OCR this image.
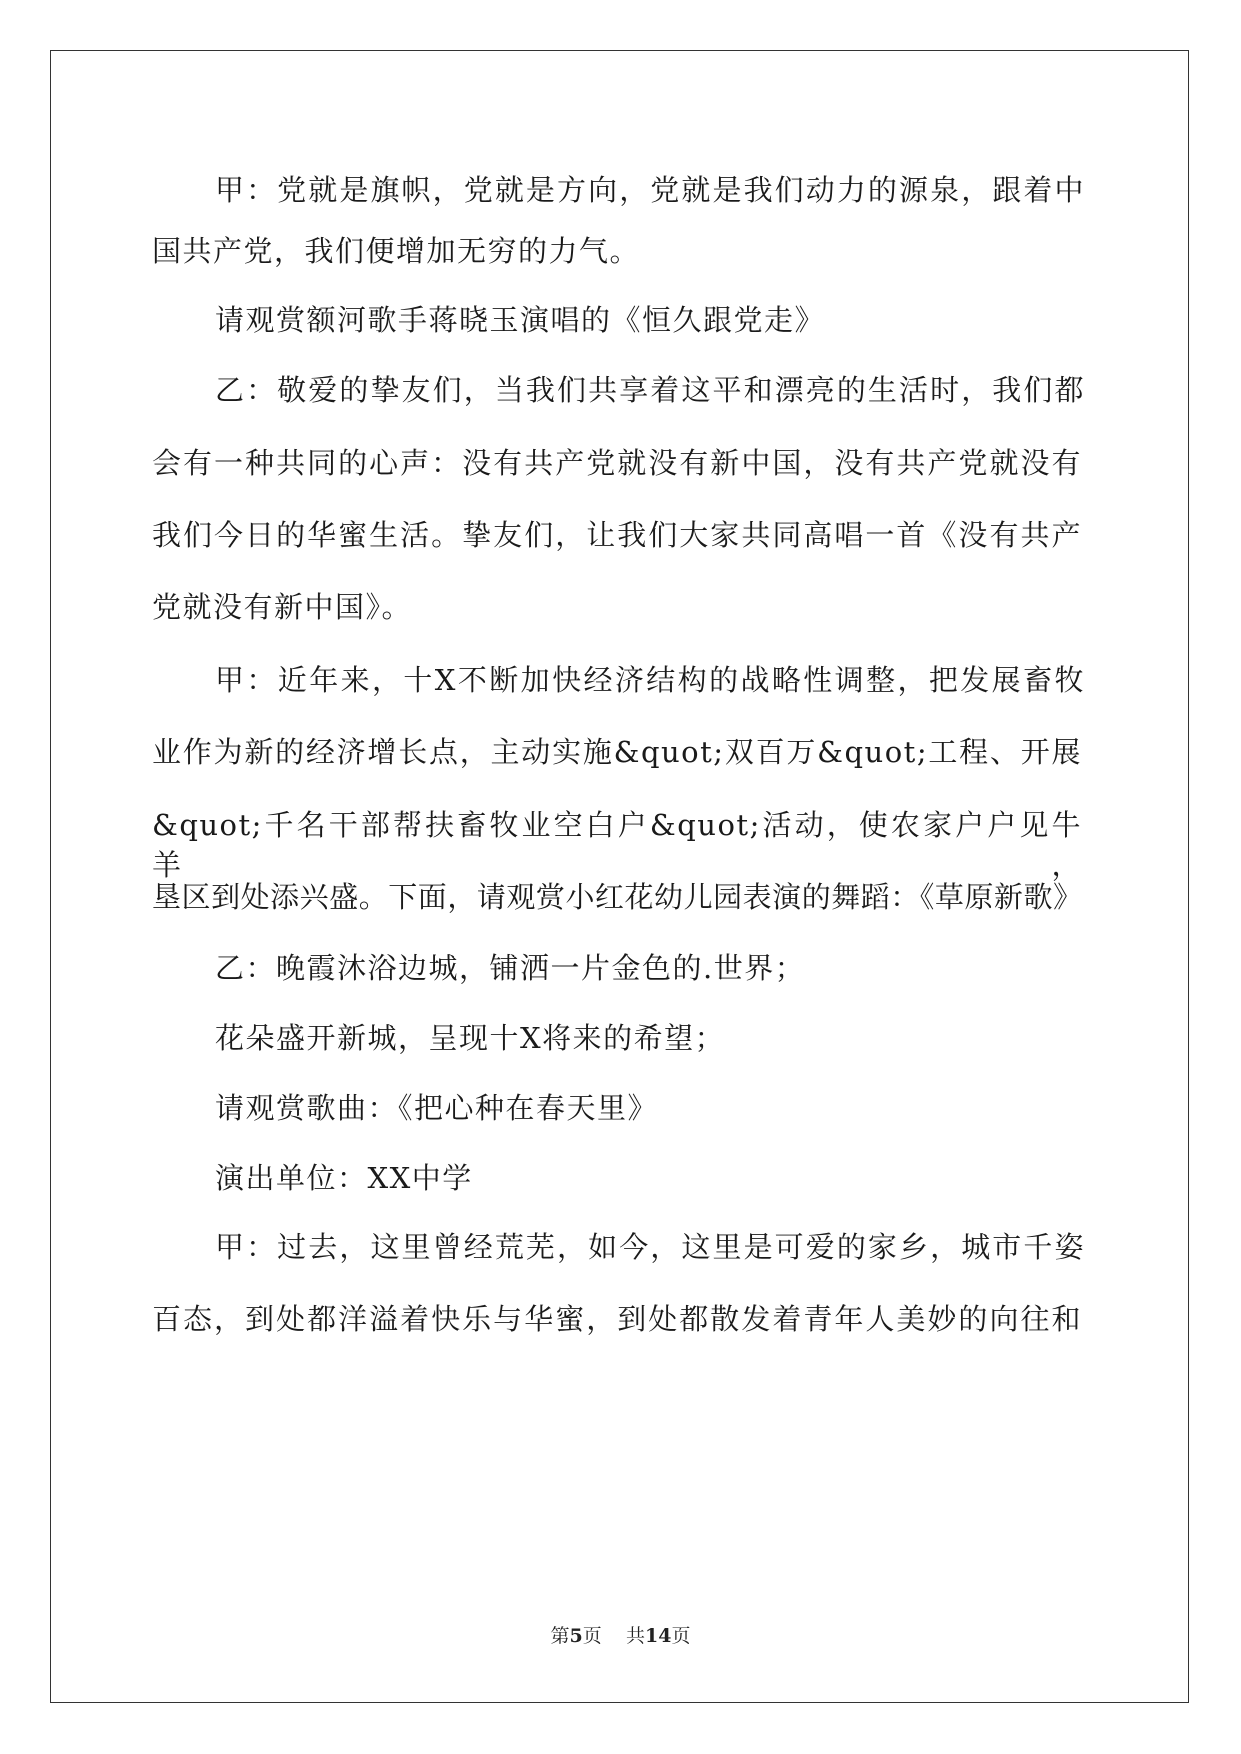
甲：党就是旗帜，党就是方向，党就是我们动力的源泉，跟着中
国共产党，我们便增加无穷的力气。
请观赏额河歌手蒋晓玉演唱的《恒久跟党走》
乙：敬爱的挚友们，当我们共享着这平和漂亮的生活时，我们都
会有一种共同的心声：没有共产党就没有新中国，没有共产党就没有
我们今日的华蜜生活。挚友们，让我们大家共同高唱一首《没有共产
党就没有新中国》。
甲：近年来，十X不断加快经济结构的战略性调整，把发展畜牧
业作为新的经济增长点，主动实施&quot;双百万&quot;工程、开展
&quot;千名干部帮扶畜牧业空白户&quot;活动，使农家户户见牛羊，
垦区到处添兴盛。下面，请观赏小红花幼儿园表演的舞蹈：《草原新歌》
乙：晚霞沐浴边城，铺洒一片金色的.世界；
花朵盛开新城，呈现十X将来的希望；
请观赏歌曲：《把心种在春天里》
演出单位：XX中学
甲：过去，这里曾经荒芜，如今，这里是可爱的家乡，城市千姿
百态，到处都洋溢着快乐与华蜜，到处都散发着青年人美妙的向往和
第5页 共14页
